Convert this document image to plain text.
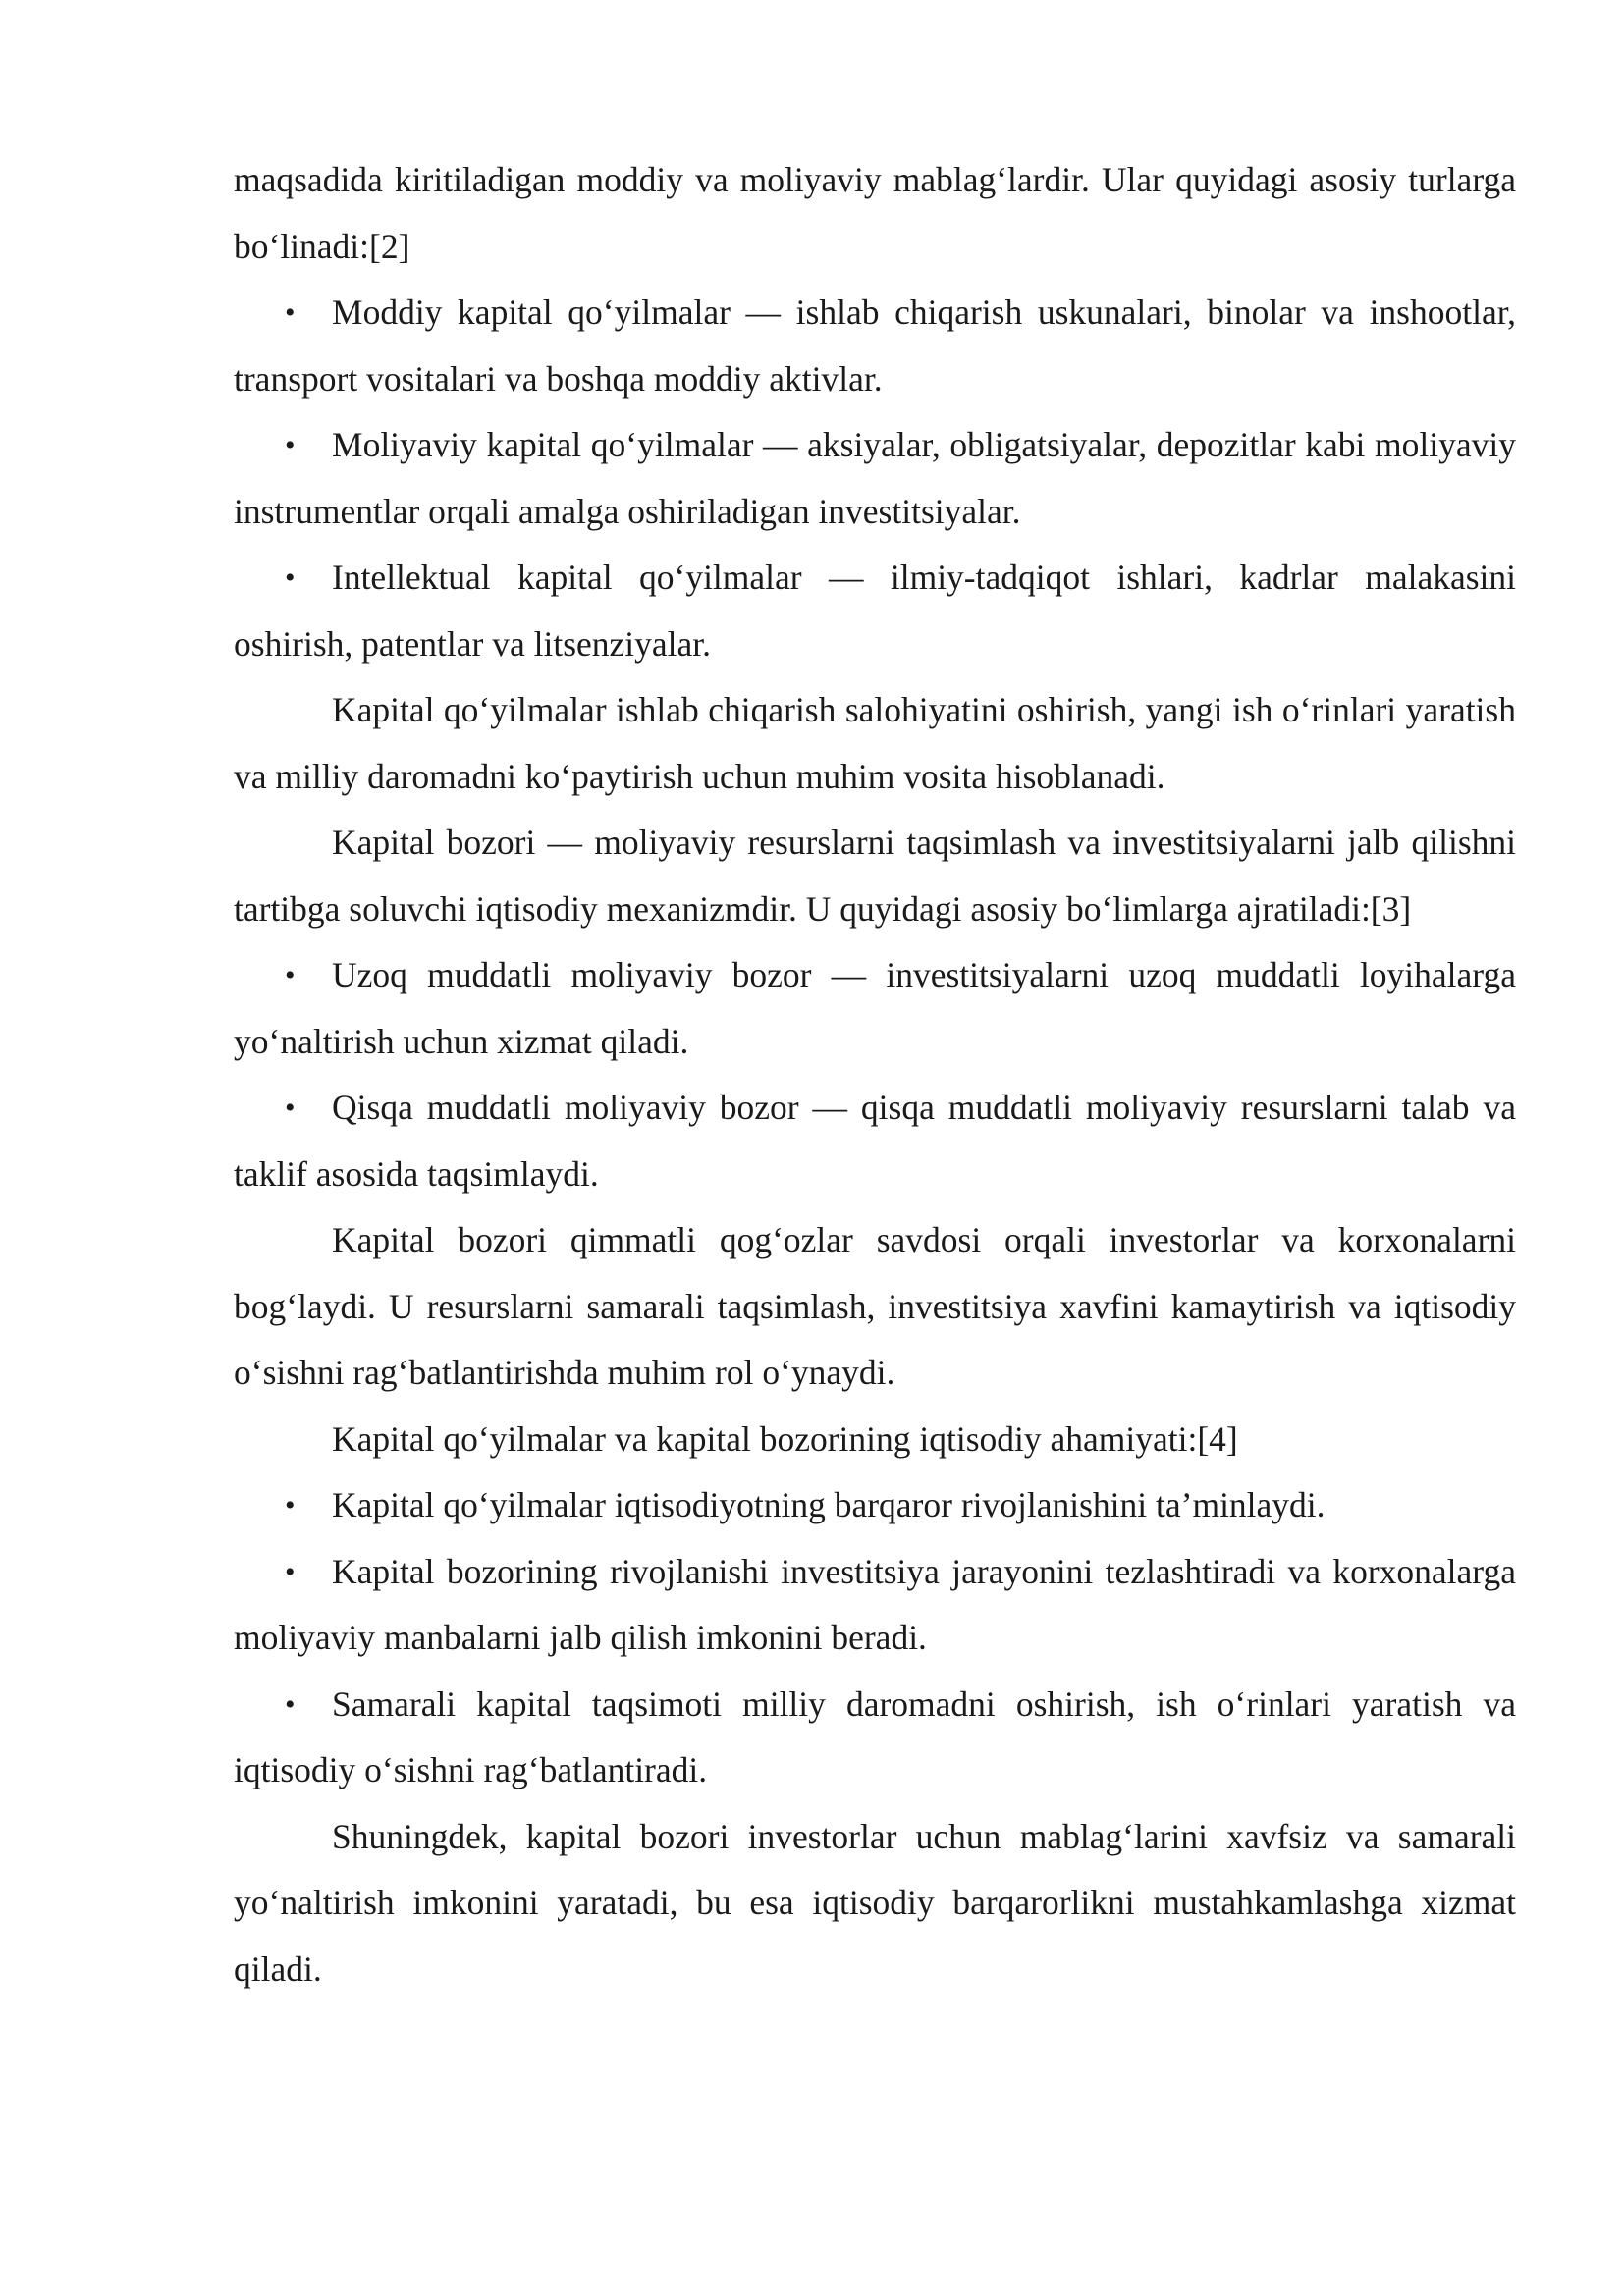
maqsadida kiritiladigan moddiy va moliyaviy mablag‘lardir. Ular quyidagi asosiy turlarga bo‘linadi:[2]

• Moddiy kapital qo‘yilmalar — ishlab chiqarish uskunalari, binolar va inshootlar, transport vositalari va boshqa moddiy aktivlar.

• Moliyaviy kapital qo‘yilmalar — aksiyalar, obligatsiyalar, depozitlar kabi moliyaviy instrumentlar orqali amalga oshiriladigan investitsiyalar.

• Intellektual kapital qo‘yilmalar — ilmiy-tadqiqot ishlari, kadrlar malakasini oshirish, patentlar va litsenziyalar.

Kapital qo‘yilmalar ishlab chiqarish salohiyatini oshirish, yangi ish o‘rinlari yaratish va milliy daromadni ko‘paytirish uchun muhim vosita hisoblanadi.

Kapital bozori — moliyaviy resurslarni taqsimlash va investitsiyalarni jalb qilishni tartibga soluvchi iqtisodiy mexanizmdir. U quyidagi asosiy bo‘limlarga ajratiladi:[3]

• Uzoq muddatli moliyaviy bozor — investitsiyalarni uzoq muddatli loyihalarga yo‘naltirish uchun xizmat qiladi.

• Qisqa muddatli moliyaviy bozor — qisqa muddatli moliyaviy resurslarni talab va taklif asosida taqsimlaydi.

Kapital bozori qimmatli qog‘ozlar savdosi orqali investorlar va korxonalarni bog‘laydi. U resurslarni samarali taqsimlash, investitsiya xavfini kamaytirish va iqtisodiy o‘sishni rag‘batlantirishda muhim rol o‘ynaydi.

Kapital qo‘yilmalar va kapital bozorining iqtisodiy ahamiyati:[4]

• Kapital qo‘yilmalar iqtisodiyotning barqaror rivojlanishini ta’minlaydi.

• Kapital bozorining rivojlanishi investitsiya jarayonini tezlashtiradi va korxonalarga moliyaviy manbalarni jalb qilish imkonini beradi.

• Samarali kapital taqsimoti milliy daromadni oshirish, ish o‘rinlari yaratish va iqtisodiy o‘sishni rag‘batlantiradi.

Shuningdek, kapital bozori investorlar uchun mablag‘larini xavfsiz va samarali yo‘naltirish imkonini yaratadi, bu esa iqtisodiy barqarorlikni mustahkamlashga xizmat qiladi.
